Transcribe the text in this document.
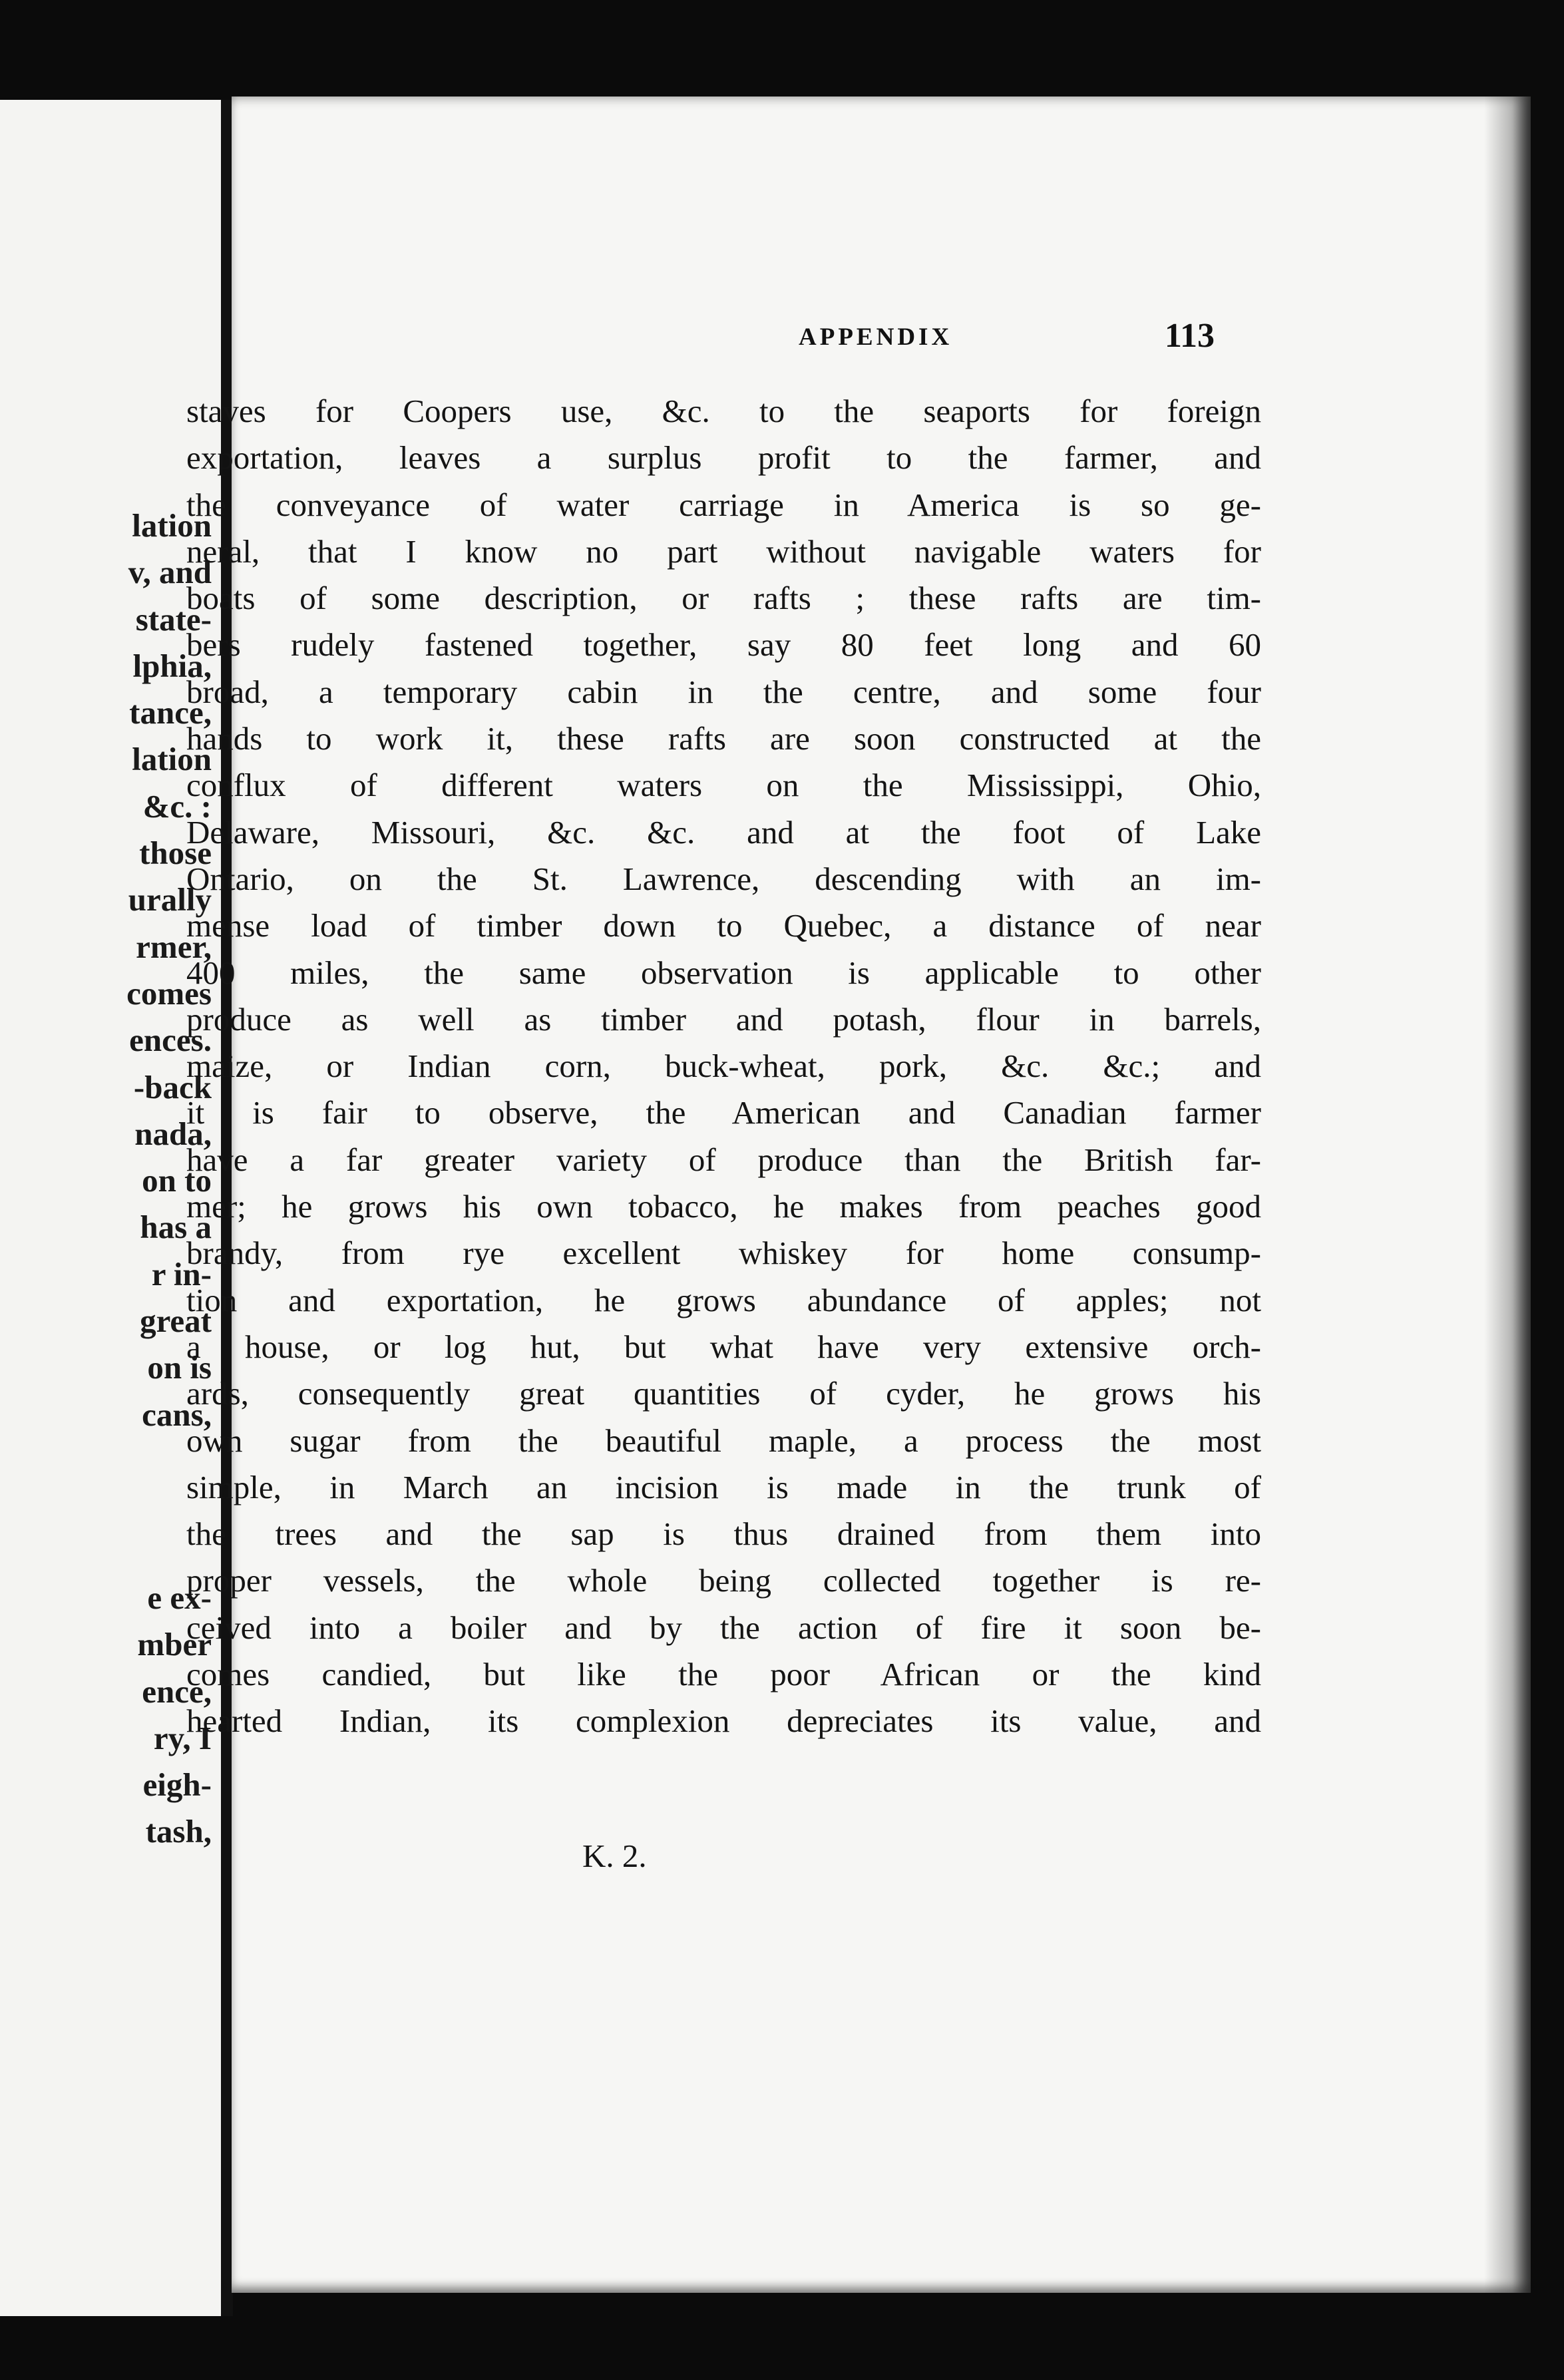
lation
v, and
state-
lphia,
tance,
lation
&c. :
those
urally
rmer,
comes
ences.
-back
nada,
on to
has a
r in-
great
on is
cans,
e ex-
mber
ence,
ry, I
eigh-
tash,
APPENDIX	113
staves for Coopers use, &c. to the seaports for foreign
exportation, leaves a surplus profit to the farmer, and
the conveyance of water carriage in America is so ge-
neral, that I know no part without navigable waters for
boats of some description, or rafts ; these rafts are tim-
bers rudely fastened together, say 80 feet long and 60
broad, a temporary cabin in the centre, and some four
hands to work it, these rafts are soon constructed at the
conflux of different waters on the Mississippi, Ohio,
Delaware, Missouri, &c. &c. and at the foot of Lake
Ontario, on the St. Lawrence, descending with an im-
mense load of timber down to Quebec, a distance of near
400 miles, the same observation is applicable to other
produce as well as timber and potash, flour in barrels,
maize, or Indian corn, buck-wheat, pork, &c. &c.; and
it is fair to observe, the American and Canadian farmer
have a far greater variety of produce than the British far-
mer; he grows his own tobacco, he makes from peaches good
brandy, from rye excellent whiskey for home consump-
tion and exportation, he grows abundance of apples; not
a house, or log hut, but what have very extensive orch-
ards, consequently great quantities of cyder, he grows his
own sugar from the beautiful maple, a process the most
simple, in March an incision is made in the trunk of
the trees and the sap is thus drained from them into
proper vessels, the whole being collected together is re-
ceived into a boiler and by the action of fire it soon be-
comes candied, but like the poor African or the kind
hearted Indian, its complexion depreciates its value, and
K. 2.
